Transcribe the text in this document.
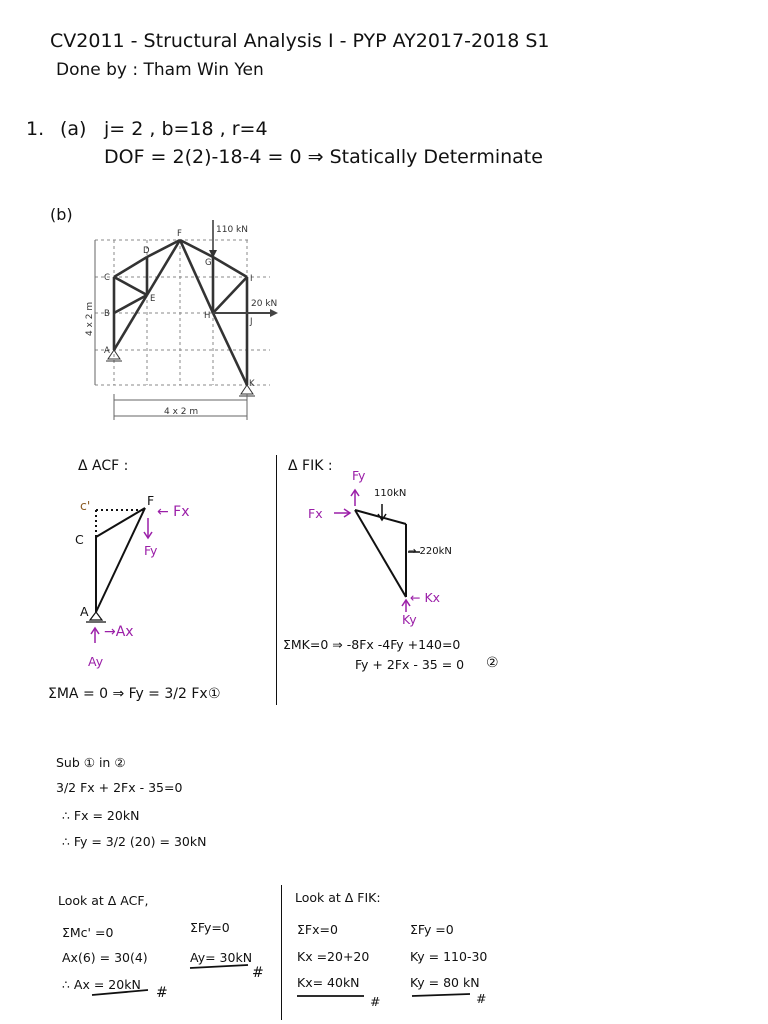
CV2011 - Structural Analysis I - PYP AY2017-2018 S1
Done by : Tham Win Yen
1. (a) j= 2 , b=18 , r=4
DOF = 2(2)-18-4 = 0 ⇒ Statically Determinate
(b)
A
B
C
D
E
F
G
H
I
J
K
110 kN
20 kN
4 x 2 m
4 x 2 m
Δ ACF :
c'	F
C
A
← Fx
Fy
→Ax
Ay
ΣMA = 0 ⇒ Fy = 3/2 Fx ①
Δ FIK :
Fy
Fx
110kN
→ 220kN
← Kx
Ky
ΣMK=0 ⇒ -8Fx -4Fy +140=0
Fy + 2Fx - 35 = 0 ②
Sub ① in ②
3/2 Fx + 2Fx - 35=0
∴ Fx = 20kN
∴ Fy = 3/2 (20) = 30kN
Look at Δ ACF,
ΣMc' =0
Ax(6) = 30(4)
∴ Ax = 20kN
#
ΣFy=0
Ay= 30kN
#
Look at Δ FIK:
ΣFx=0
Kx =20+20
Kx= 40kN
#
ΣFy =0
Ky = 110-30
Ky = 80 kN
#
